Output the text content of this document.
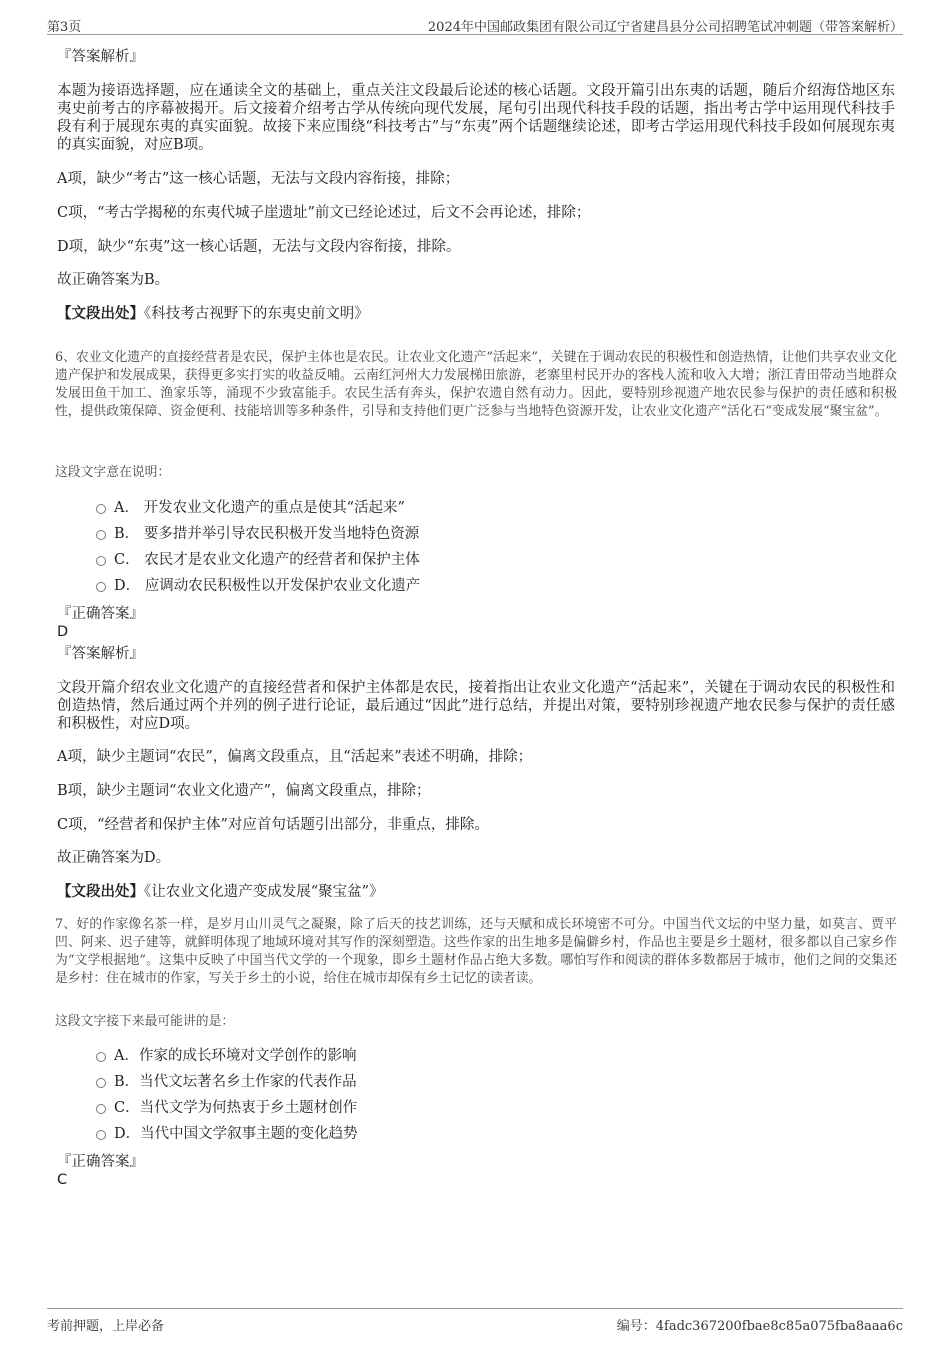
第3页	2024年中国邮政集团有限公司辽宁省建昌县分公司招聘笔试冲刺题（带答案解析）
『答案解析』
本题为接语选择题，应在通读全文的基础上，重点关注文段最后论述的核心话题。文段开篇引出东夷的话题，随后介绍海岱地区东夷史前考古的序幕被揭开。后文接着介绍考古学从传统向现代发展，尾句引出现代科技手段的话题，指出考古学中运用现代科技手段有利于展现东夷的真实面貌。故接下来应围绕“科技考古”与“东夷”两个话题继续论述，即考古学运用现代科技手段如何展现东夷的真实面貌，对应B项。
A项，缺少“考古”这一核心话题，无法与文段内容衔接，排除；
C项，“考古学揭秘的东夷代城子崖遗址”前文已经论述过，后文不会再论述，排除；
D项，缺少“东夷”这一核心话题，无法与文段内容衔接，排除。
故正确答案为B。
【文段出处】《科技考古视野下的东夷史前文明》
6、农业文化遗产的直接经营者是农民，保护主体也是农民。让农业文化遗产“活起来”，关键在于调动农民的积极性和创造热情，让他们共享农业文化遗产保护和发展成果，获得更多实打实的收益反哺。云南红河州大力发展梯田旅游，老寨里村民开办的客栈人流和收入大增；浙江青田带动当地群众发展田鱼干加工、渔家乐等，涌现不少致富能手。农民生活有奔头，保护农遗自然有动力。因此，要特别珍视遗产地农民参与保护的责任感和积极性，提供政策保障、资金便利、技能培训等多种条件，引导和支持他们更广泛参与当地特色资源开发，让农业文化遗产“活化石”变成发展“聚宝盆”。
这段文字意在说明：
A． 开发农业文化遗产的重点是使其“活起来”
B． 要多措并举引导农民积极开发当地特色资源
C． 农民才是农业文化遗产的经营者和保护主体
D． 应调动农民积极性以开发保护农业文化遗产
『正确答案』
D
『答案解析』
文段开篇介绍农业文化遗产的直接经营者和保护主体都是农民，接着指出让农业文化遗产“活起来”，关键在于调动农民的积极性和创造热情，然后通过两个并列的例子进行论证，最后通过“因此”进行总结，并提出对策，要特别珍视遗产地农民参与保护的责任感和积极性，对应D项。
A项，缺少主题词“农民”，偏离文段重点，且“活起来”表述不明确，排除；
B项，缺少主题词“农业文化遗产”，偏离文段重点，排除；
C项，“经营者和保护主体”对应首句话题引出部分，非重点，排除。
故正确答案为D。
【文段出处】《让农业文化遗产变成发展“聚宝盆”》
7、好的作家像名茶一样，是岁月山川灵气之凝聚，除了后天的技艺训练，还与天赋和成长环境密不可分。中国当代文坛的中坚力量，如莫言、贾平凹、阿来、迟子建等，就鲜明体现了地域环境对其写作的深刻塑造。这些作家的出生地多是偏僻乡村，作品也主要是乡土题材，很多都以自己家乡作为“文学根据地”。这集中反映了中国当代文学的一个现象，即乡土题材作品占绝大多数。哪怕写作和阅读的群体多数都居于城市，他们之间的交集还是乡村：住在城市的作家，写关于乡土的小说，给住在城市却保有乡土记忆的读者读。
这段文字接下来最可能讲的是：
A．作家的成长环境对文学创作的影响
B．当代文坛著名乡土作家的代表作品
C．当代文学为何热衷于乡土题材创作
D．当代中国文学叙事主题的变化趋势
『正确答案』
C
考前押题，上岸必备	编号：4fadc367200fbae8c85a075fba8aaa6c
